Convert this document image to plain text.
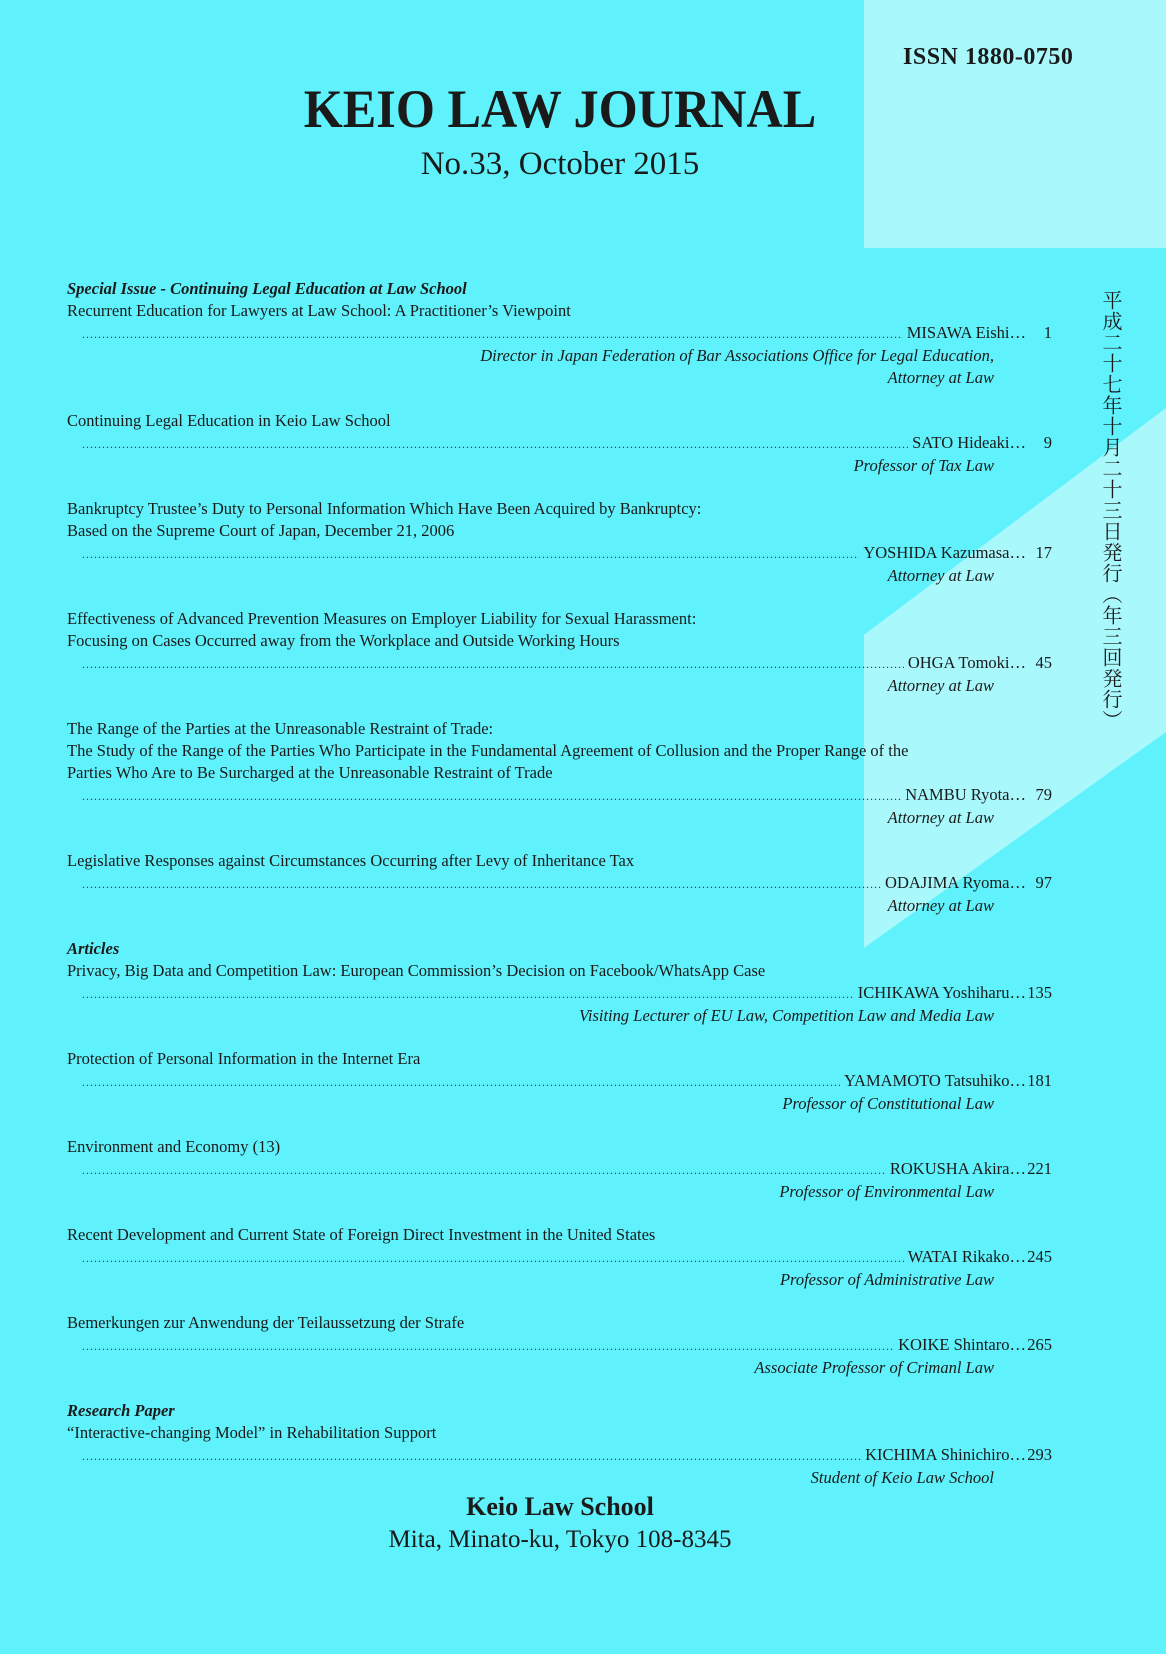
ISSN 1880-0750
KEIO LAW JOURNAL
No.33, October 2015
平成二十七年十月二十三日発行（年三回発行）

Special Issue - Continuing Legal Education at Law School

Recurrent Education for Lawyers at Law School: A Practitioner’s Viewpoint

.....
MISAWA Eishi…	1
Director in Japan Federation of Bar Associations Office for Legal Education,
Attorney at Law

Continuing Legal Education in Keio Law School

.....
SATO Hideaki…	9
Professor of Tax Law

Bankruptcy Trustee’s Duty to Personal Information Which Have Been Acquired by Bankruptcy:

Based on the Supreme Court of Japan, December 21, 2006

.....
YOSHIDA Kazumasa… 17
Attorney at Law

Effectiveness of Advanced Prevention Measures on Employer Liability for Sexual Harassment:

Focusing on Cases Occurred away from the Workplace and Outside Working Hours

.....
OHGA Tomoki… 45
Attorney at Law

The Range of the Parties at the Unreasonable Restraint of Trade:

The Study of the Range of the Parties Who Participate in the Fundamental Agreement of Collusion and the Proper Range of the

Parties Who Are to Be Surcharged at the Unreasonable Restraint of Trade

.....
NAMBU Ryota… 79
Attorney at Law

Legislative Responses against Circumstances Occurring after Levy of Inheritance Tax

.....
ODAJIMA Ryoma… 97
Attorney at Law

Articles

Privacy, Big Data and Competition Law: European Commission’s Decision on Facebook/WhatsApp Case

.....
ICHIKAWA Yoshiharu… 135
Visiting Lecturer of EU Law, Competition Law and Media Law

Protection of Personal Information in the Internet Era

.....
YAMAMOTO Tatsuhiko… 181
Professor of Constitutional Law

Environment and Economy (13)

.....
ROKUSHA Akira… 221
Professor of Environmental Law

Recent Development and Current State of Foreign Direct Investment in the United States

.....
WATAI Rikako… 245
Professor of Administrative Law

Bemerkungen zur Anwendung der Teilaussetzung der Strafe

.....
KOIKE Shintaro… 265
Associate Professor of Crimanl Law

Research Paper

“Interactive-changing Model” in Rehabilitation Support

.....
KICHIMA Shinichiro… 293
Student of Keio Law School
Keio Law School
Mita, Minato-ku, Tokyo 108-8345
